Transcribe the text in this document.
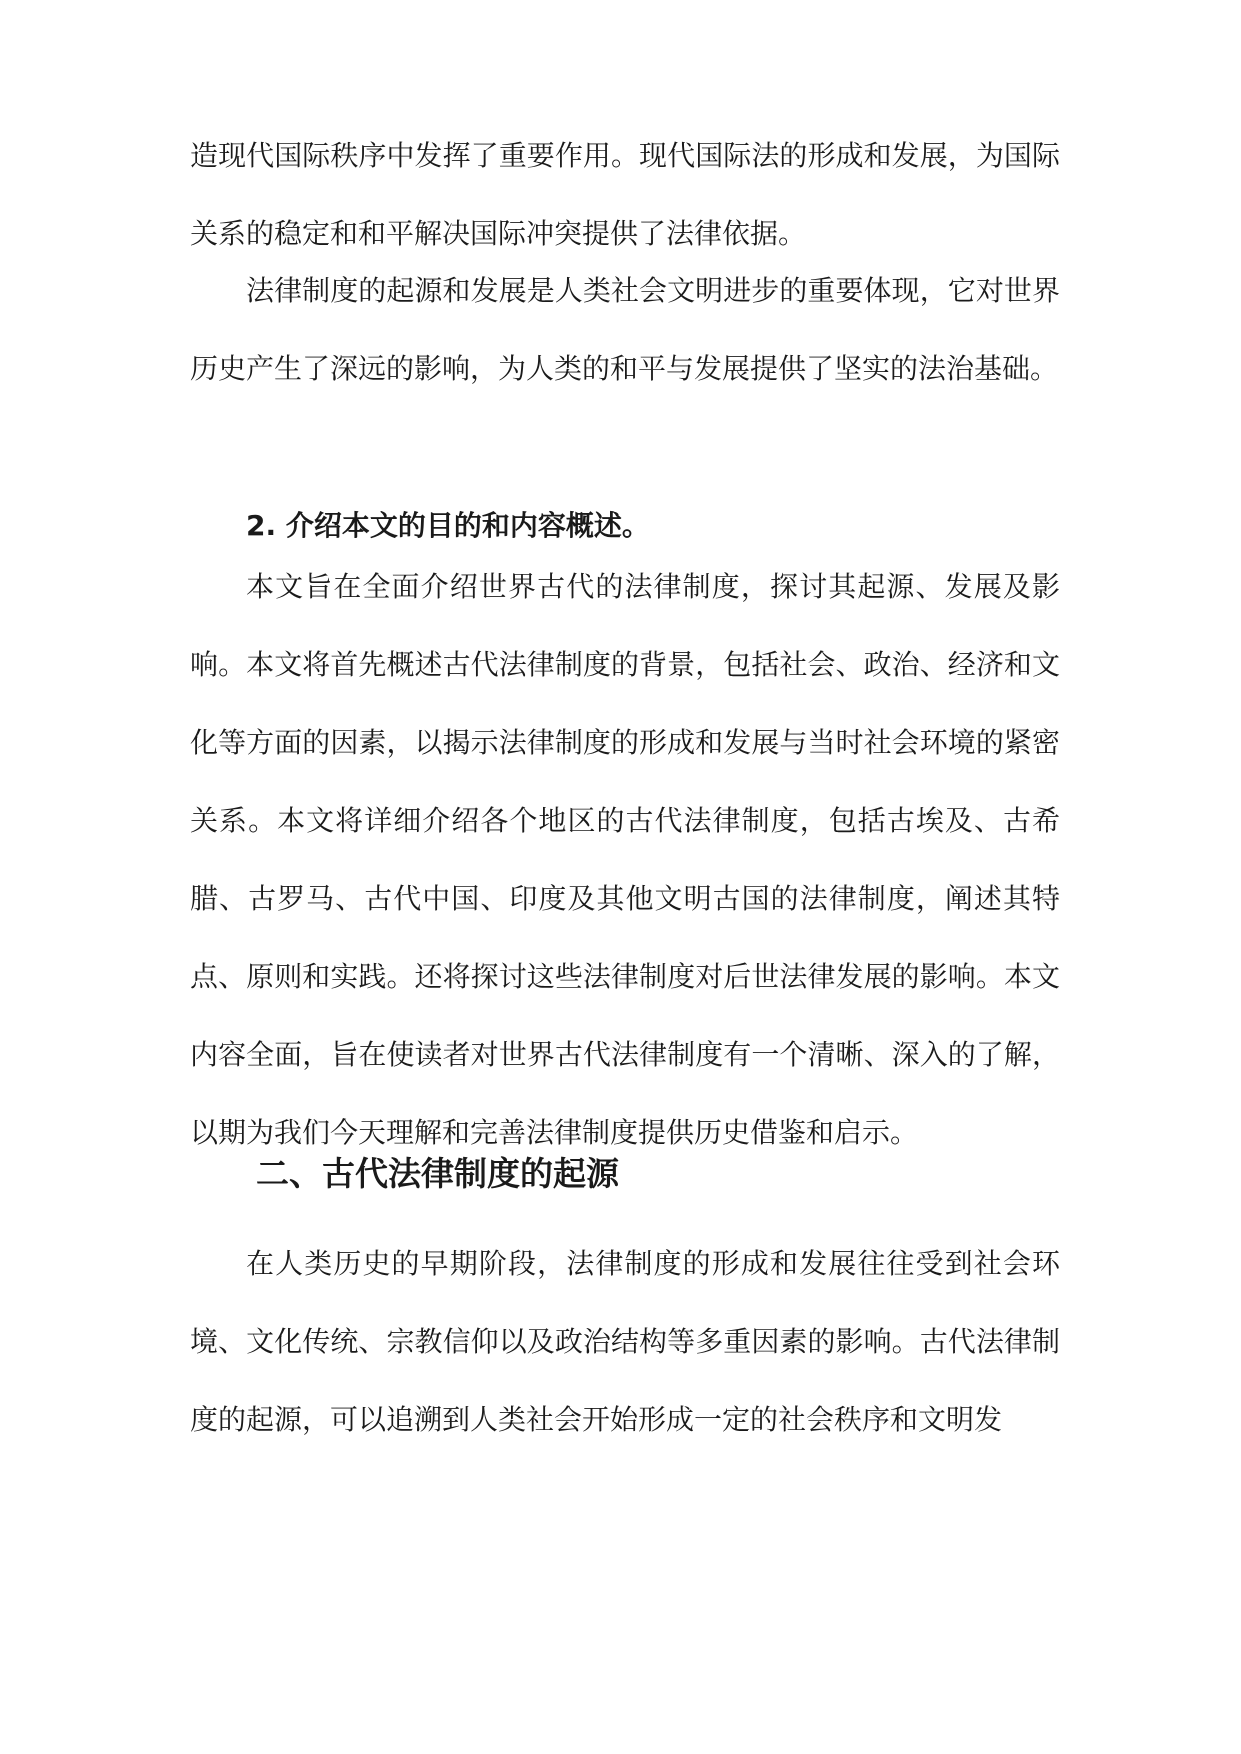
造现代国际秩序中发挥了重要作用。现代国际法的形成和发展，为国际关系的稳定和和平解决国际冲突提供了法律依据。

法律制度的起源和发展是人类社会文明进步的重要体现，它对世界历史产生了深远的影响，为人类的和平与发展提供了坚实的法治基础。

2. 介绍本文的目的和内容概述。

本文旨在全面介绍世界古代的法律制度，探讨其起源、发展及影响。本文将首先概述古代法律制度的背景，包括社会、政治、经济和文化等方面的因素，以揭示法律制度的形成和发展与当时社会环境的紧密关系。本文将详细介绍各个地区的古代法律制度，包括古埃及、古希腊、古罗马、古代中国、印度及其他文明古国的法律制度，阐述其特点、原则和实践。还将探讨这些法律制度对后世法律发展的影响。本文内容全面，旨在使读者对世界古代法律制度有一个清晰、深入的了解，以期为我们今天理解和完善法律制度提供历史借鉴和启示。

二、古代法律制度的起源

在人类历史的早期阶段，法律制度的形成和发展往往受到社会环境、文化传统、宗教信仰以及政治结构等多重因素的影响。古代法律制度的起源，可以追溯到人类社会开始形成一定的社会秩序和文明发
